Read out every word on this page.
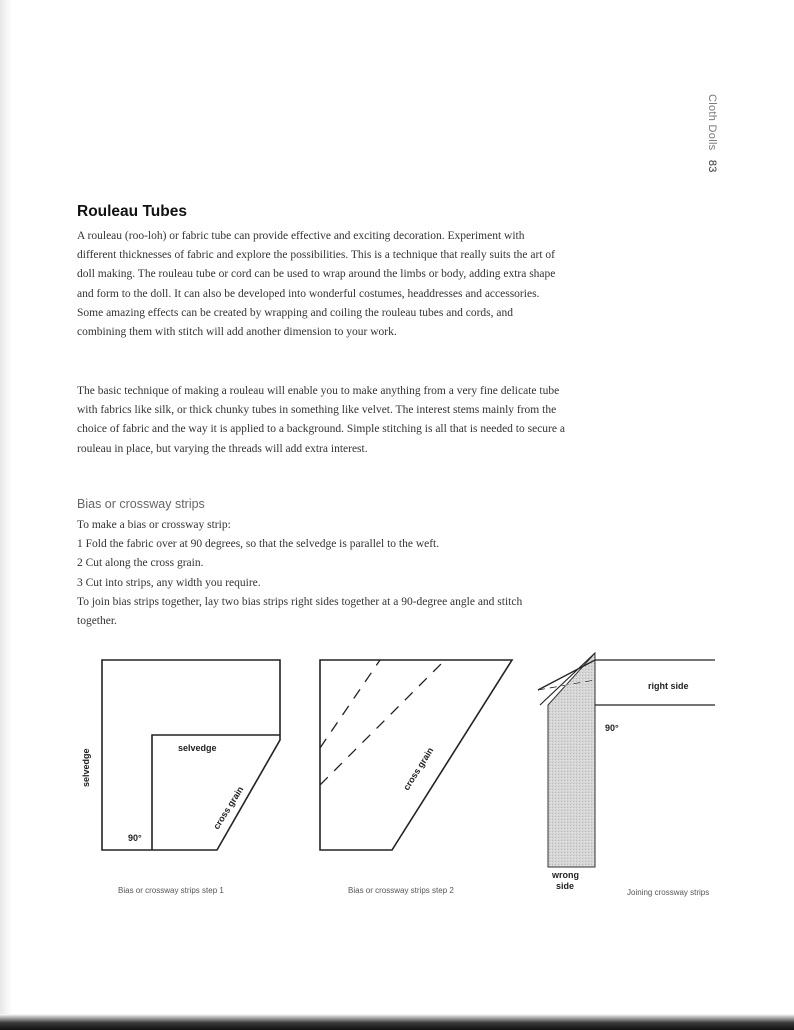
Cloth Dolls 83
Rouleau Tubes

A rouleau (roo-loh) or fabric tube can provide effective and exciting decoration. Experiment with different thicknesses of fabric and explore the possibilities. This is a technique that really suits the art of doll making. The rouleau tube or cord can be used to wrap around the limbs or body, adding extra shape and form to the doll. It can also be developed into wonderful costumes, headdresses and accessories. Some amazing effects can be created by wrapping and coiling the rouleau tubes and cords, and combining them with stitch will add another dimension to your work.

The basic technique of making a rouleau will enable you to make anything from a very fine delicate tube with fabrics like silk, or thick chunky tubes in something like velvet. The interest stems mainly from the choice of fabric and the way it is applied to a background. Simple stitching is all that is needed to secure a rouleau in place, but varying the threads will add extra interest.

Bias or crossway strips

To make a bias or crossway strip:

1 Fold the fabric over at 90 degrees, so that the selvedge is parallel to the weft.

2 Cut along the cross grain.

3 Cut into strips, any width you require.

To join bias strips together, lay two bias strips right sides together at a 90-degree angle and stitch together.

selvedge
selvedge
cross grain
90°
Bias or crossway strips step 1
cross grain
Bias or crossway strips step 2
right side
90°
wrong
side
Joining crossway strips
